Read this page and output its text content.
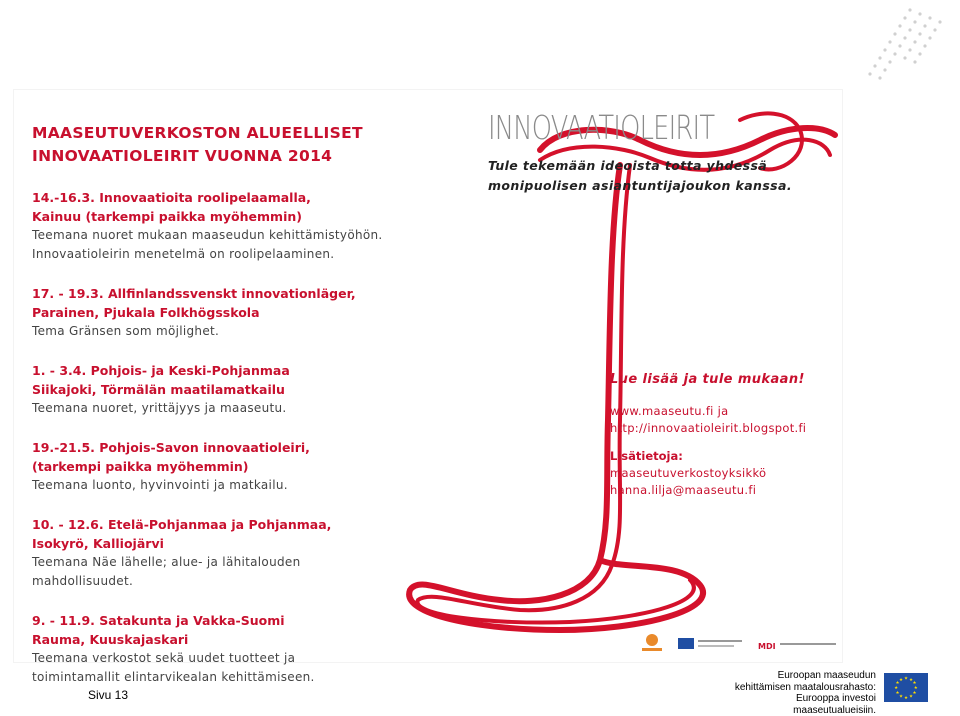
MAASEUTUVERKOSTON ALUEELLISET
INNOVAATIOLEIRIT VUONNA 2014
14.-16.3. Innovaatioita roolipelaamalla,
Kainuu (tarkempi paikka myöhemmin)
Teemana nuoret mukaan maaseudun kehittämistyöhön.
Innovaatioleirin menetelmä on roolipelaaminen.
17. - 19.3. Allfinlandssvenskt innovationläger,
Parainen, Pjukala Folkhögsskola
Tema Gränsen som möjlighet.
1. - 3.4. Pohjois- ja Keski-Pohjanmaa
Siikajoki, Törmälän maatilamatkailu
Teemana nuoret, yrittäjyys ja maaseutu.
19.-21.5. Pohjois-Savon innovaatioleiri,
(tarkempi paikka myöhemmin)
Teemana luonto, hyvinvointi ja matkailu.
10. - 12.6. Etelä-Pohjanmaa ja Pohjanmaa,
Isokyrö, Kalliojärvi
Teemana Näe lähelle; alue- ja lähitalouden
mahdollisuudet.
9. - 11.9. Satakunta ja Vakka-Suomi
Rauma, Kuuskajaskari
Teemana verkostot sekä uudet tuotteet ja
toimintamallit elintarvikealan kehittämiseen.
INNOVAATIOLEIRIT
Tule tekemään ideoista totta yhdessä
monipuolisen asiantuntijajoukon kanssa.
Lue lisää ja tule mukaan!
www.maaseutu.fi ja
http://innovaatioleirit.blogspot.fi
Lisätietoja:
maaseutuverkostoyksikkö
hanna.lilja@maaseutu.fi
MDI
Sivu 13
Euroopan maaseudun
kehittämisen maatalousrahasto:
Eurooppa investoi maaseutualueisiin.
★ ★
★
★
★
★
★
★
★
★
★
★
